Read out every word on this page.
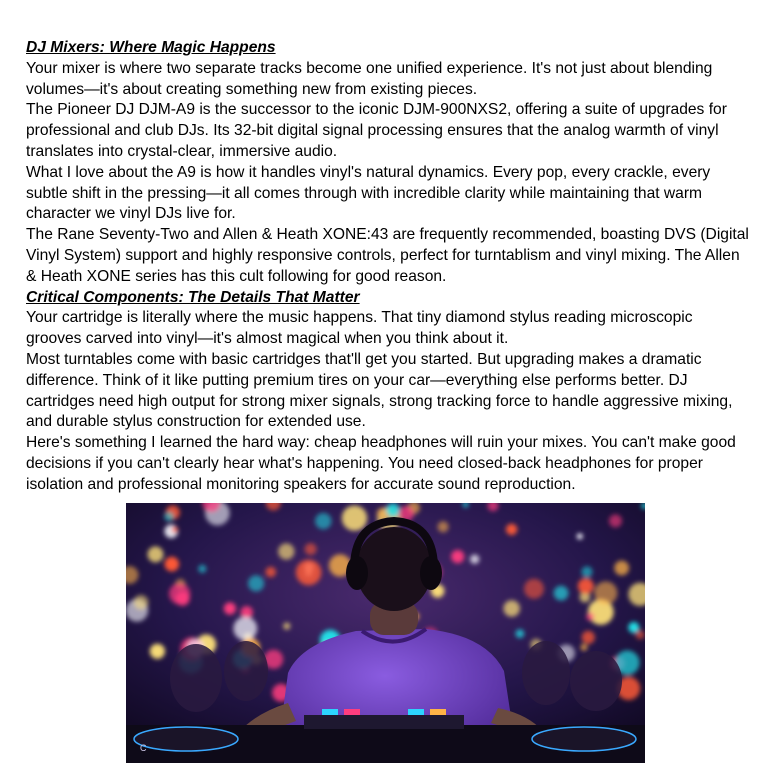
DJ Mixers: Where Magic Happens

Your mixer is where two separate tracks become one unified experience. It's not just about blending volumes—it's about creating something new from existing pieces.

The Pioneer DJ DJM-A9 is the successor to the iconic DJM-900NXS2, offering a suite of upgrades for professional and club DJs. Its 32-bit digital signal processing ensures that the analog warmth of vinyl translates into crystal-clear, immersive audio.

What I love about the A9 is how it handles vinyl's natural dynamics. Every pop, every crackle, every subtle shift in the pressing—it all comes through with incredible clarity while maintaining that warm character we vinyl DJs live for.

The Rane Seventy-Two and Allen & Heath XONE:43 are frequently recommended, boasting DVS (Digital Vinyl System) support and highly responsive controls, perfect for turntablism and vinyl mixing. The Allen & Heath XONE series has this cult following for good reason.

Critical Components: The Details That Matter

Your cartridge is literally where the music happens. That tiny diamond stylus reading microscopic grooves carved into vinyl—it's almost magical when you think about it.

Most turntables come with basic cartridges that'll get you started. But upgrading makes a dramatic difference. Think of it like putting premium tires on your car—everything else performs better. DJ cartridges need high output for strong mixer signals, strong tracking force to handle aggressive mixing, and durable stylus construction for extended use.

Here's something I learned the hard way: cheap headphones will ruin your mixes. You can't make good decisions if you can't clearly hear what's happening. You need closed-back headphones for proper isolation and professional monitoring speakers for accurate sound reproduction.

C
